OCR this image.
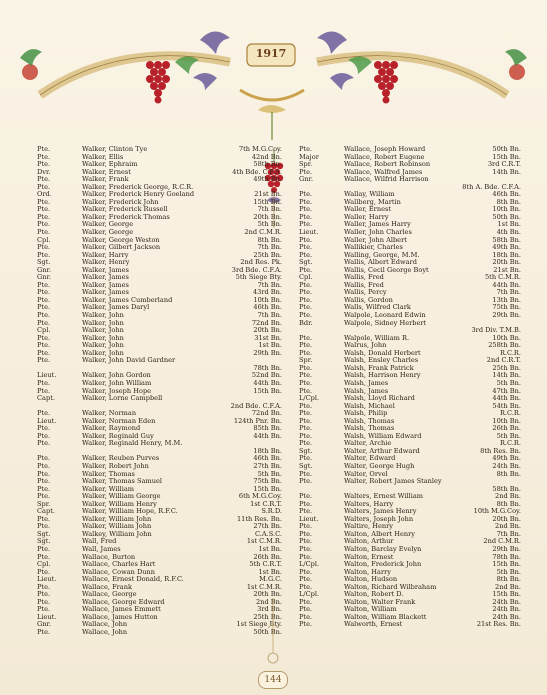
1917
Pte.	Walker, Clinton Tye	7th M.G.Coy.
Pte.	Walker, Ellis	42nd Bn.
Pte.	Walker, Ephraim	58th Bn.
Dvr.	Walker, Ernest	4th Bde. C.F.A.
Pte.	Walker, Frank	49th Bn.
Pte.	Walker, Frederick George, R.C.R.
Ord.	Walker, Frederick Henry Goeland	21st Bn.
Pte.	Walker, Frederick John	15th Bn.
Pte.	Walker, Frederick Russell	7th Bn.
Pte.	Walker, Frederick Thomas	20th Bn.
Pte.	Walker, George	5th Bn.
Pte.	Walker, George	2nd C.M.R.
Cpl.	Walker, George Weston	8th Bn.
Pte.	Walker, Gilbert Jackson	7th Bn.
Pte.	Walker, Harry	25th Bn.
Sgt.	Walker, Henry	2nd Res. Pk.
Gnr.	Walker, James	3rd Bde. C.F.A.
Gnr.	Walker, James	5th Siege Bty.
Pte.	Walker, James	7th Bn.
Pte.	Walker, James	43rd Bn.
Pte.	Walker, James Cumberland	10th Bn.
Pte.	Walker, James Daryl	46th Bn.
Pte.	Walker, John	7th Bn.
Pte.	Walker, John	72nd Bn.
Cpl.	Walker, John	20th Bn.
Pte.	Walker, John	31st Bn.
Pte.	Walker, John	1st Bn.
Pte.	Walker, John	29th Bn.
Pte.	Walker, John David Gardner
78th Bn.
Lieut.	Walker, John Gordon	52nd Bn.
Pte.	Walker, John William	44th Bn.
Pte.	Walker, Joseph Hope	15th Bn.
Capt.	Walker, Lorne Campbell
2nd Bde. C.F.A.
Pte.	Walker, Norman	72nd Bn.
Lieut.	Walker, Norman Eden	124th Pnr. Bn.
Pte.	Walker, Raymond	85th Bn.
Pte.	Walker, Reginald Guy	44th Bn.
Pte.	Walker, Reginald Henry, M.M.
18th Bn.
Pte.	Walker, Reuben Purves	46th Bn.
Pte.	Walker, Robert John	27th Bn.
Pte.	Walker, Thomas	5th Bn.
Pte.	Walker, Thomas Samuel	75th Bn.
Pte.	Walker, William	15th Bn.
Pte.	Walker, William George	6th M.G.Coy.
Spr.	Walker, William Henry	1st C.R.T.
Capt.	Walker, William Hope, R.F.C.	S.R.D.
Pte.	Walker, William John	11th Res. Bn.
Pte.	Walker, William John	27th Bn.
Sgt.	Walkey, William John	C.A.S.C.
Sgt.	Wall, Fred	1st C.M.R.
Pte.	Wall, James	1st Bn.
Pte.	Wallace, Burton	26th Bn.
Cpl.	Wallace, Charles Hart	5th C.R.T.
Pte.	Wallace, Cowan Dunn	1st Bn.
Lieut.	Wallace, Ernest Donald, R.F.C.	M.G.C.
Pte.	Wallace, Frank	1st C.M.R.
Pte.	Wallace, George	20th Bn.
Pte.	Wallace, George Edward	2nd Bn.
Pte.	Wallace, James Emmett	3rd Bn.
Lieut.	Wallace, James Hutton	25th Bn.
Gnr.	Wallace, John	1st Siege Bty.
Pte.	Wallace, John	50th Bn.
Pte.	Wallace, Joseph Howard	50th Bn.
Major	Wallace, Robert Eugene	15th Bn.
Spr.	Wallace, Robert Robinson	3rd C.R.T.
Pte.	Wallace, Walfred James	14th Bn.
Gnr.	Wallace, Wilfrid Harrison
8th A. Bde. C.F.A.
Pte.	Wallay, William	46th Bn.
Pte.	Wallberg, Martin	8th Bn.
Pte.	Waller, Ernest	10th Bn.
Pte.	Waller, Harry	50th Bn.
Pte.	Waller, James Harry	1st Bn.
Lieut.	Waller, John Charles	4th Bn.
Pte.	Waller, John Albert	58th Bn.
Pte.	Wallikier, Charles	49th Bn.
Pte.	Walling, George, M.M.	18th Bn.
Sgt.	Wallis, Albert Edward	20th Bn.
Pte.	Wallis, Cecil George Boyt	21st Bn.
Cpl.	Wallis, Fred	5th C.M.R.
Pte.	Wallis, Fred	44th Bn.
Pte.	Wallis, Percy	7th Bn.
Pte.	Wallis, Gordon	13th Bn.
Pte.	Walls, Wilfred Clark	75th Bn.
Pte.	Walpole, Leonard Edwin	29th Bn.
Bdr.	Walpole, Sidney Herbert
3rd Div. T.M.B.
Pte.	Walpole, William R.	10th Bn.
Pte.	Walrus, John	258th Bn.
Pte.	Walsh, Donald Herbert	R.C.R.
Spr.	Walsh, Ensley Charles	2nd C.R.T.
Pte.	Walsh, Frank Patrick	25th Bn.
Pte.	Walsh, Harrison Henry	14th Bn.
Pte.	Walsh, James	5th Bn.
Pte.	Walsh, James	47th Bn.
L/Cpl.	Walsh, Lloyd Richard	44th Bn.
Pte.	Walsh, Michael	54th Bn.
Pte.	Walsh, Philip	R.C.R.
Pte.	Walsh, Thomas	10th Bn.
Pte.	Walsh, Thomas	26th Bn.
Pte.	Walsh, William Edward	5th Bn.
Pte.	Walter, Archie	R.C.R.
Sgt.	Walter, Arthur Edward	8th Res. Bn.
Pte.	Walter, Edward	49th Bn.
Sgt.	Walter, George Hugh	24th Bn.
Pte.	Walter, Orvel	8th Bn.
Pte.	Walter, Robert James Stanley
58th Bn.
Pte.	Walters, Ernest William	2nd Bn.
Pte.	Walters, Harry	8th Bn.
Pte.	Walters, James Henry	10th M.G.Coy.
Lieut.	Walters, Joseph John	20th Bn.
Pte.	Waltire, Henry	2nd Bn.
Pte.	Walton, Albert Henry	7th Bn.
Pte.	Walton, Arthur	2nd C.M.R.
Pte.	Walton, Barclay Evelyn	29th Bn.
Pte.	Walton, Ernest	78th Bn.
L/Cpl.	Walton, Frederick John	15th Bn.
Pte.	Walton, Harry	5th Bn.
Pte.	Walton, Hudson	8th Bn.
Pte.	Walton, Richard Wilbraham	2nd Bn.
L/Cpl.	Walton, Robert D.	15th Bn.
Pte.	Walton, Walter Frank	24th Bn.
Pte.	Walton, William	24th Bn.
Pte.	Walton, William Blackett	24th Bn.
Pte.	Walworth, Ernest	21st Res. Bn.
144
